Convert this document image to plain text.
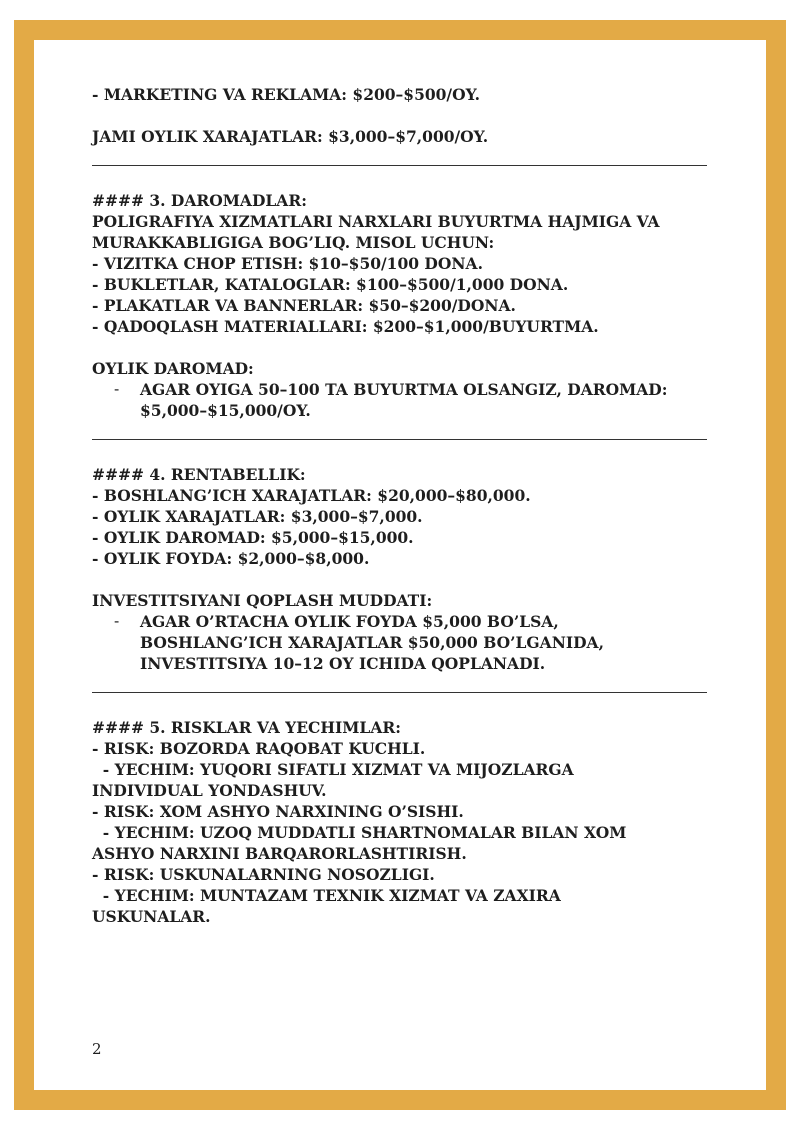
- MARKETING VA REKLAMA: $200–$500/OY.

JAMI OYLIK XARAJATLAR: $3,000–$7,000/OY.

#### 3. DAROMADLAR:

POLIGRAFIYA XIZMATLARI NARXLARI BUYURTMA HAJMIGA VA

MURAKKABLIGIGA BOG’LIQ. MISOL UCHUN:

- VIZITKA CHOP ETISH: $10–$50/100 DONA.

- BUKLETLAR, KATALOGLAR: $100–$500/1,000 DONA.

- PLAKATLAR VA BANNERLAR: $50–$200/DONA.

- QADOQLASH MATERIALLARI: $200–$1,000/BUYURTMA.

OYLIK DAROMAD:

- AGAR OYIGA 50–100 TA BUYURTMA OLSANGIZ, DAROMAD:

$5,000–$15,000/OY.

#### 4. RENTABELLIK:

- BOSHLANG’ICH XARAJATLAR: $20,000–$80,000.

- OYLIK XARAJATLAR: $3,000–$7,000.

- OYLIK DAROMAD: $5,000–$15,000.

- OYLIK FOYDA: $2,000–$8,000.

INVESTITSIYANI QOPLASH MUDDATI:

- AGAR O’RTACHA OYLIK FOYDA $5,000 BO’LSA,

BOSHLANG’ICH XARAJATLAR $50,000 BO’LGANIDA,

INVESTITSIYA 10–12 OY ICHIDA QOPLANADI.

#### 5. RISKLAR VA YECHIMLAR:

- RISK: BOZORDA RAQOBAT KUCHLI.

- YECHIM: YUQORI SIFATLI XIZMAT VA MIJOZLARGA

INDIVIDUAL YONDASHUV.

- RISK: XOM ASHYO NARXINING O’SISHI.

- YECHIM: UZOQ MUDDATLI SHARTNOMALAR BILAN XOM

ASHYO NARXINI BARQARORLASHTIRISH.

- RISK: USKUNALARNING NOSOZLIGI.

- YECHIM: MUNTAZAM TEXNIK XIZMAT VA ZAXIRA

USKUNALAR.

2
